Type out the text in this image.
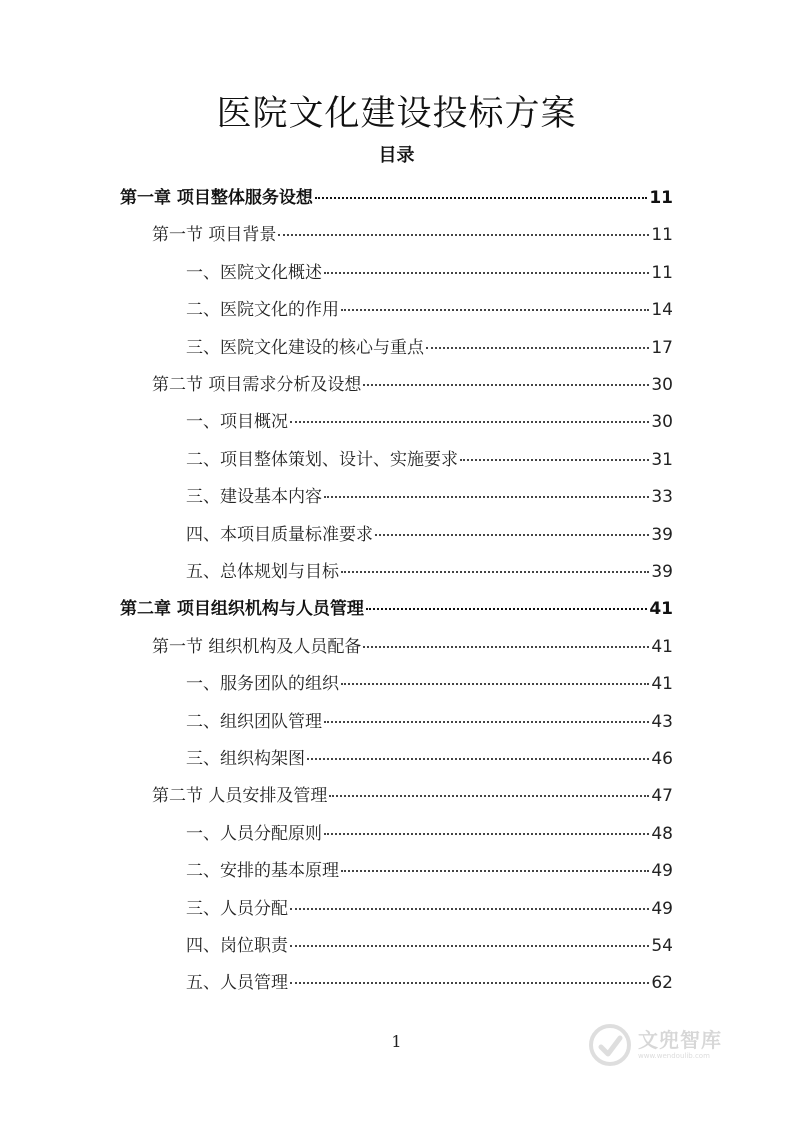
医院文化建设投标方案
目录
第一章 项目整体服务设想	11
第一节 项目背景	11
一、医院文化概述	11
二、医院文化的作用	14
三、医院文化建设的核心与重点	17
第二节 项目需求分析及设想	30
一、项目概况	30
二、项目整体策划、设计、实施要求	31
三、建设基本内容	33
四、本项目质量标准要求	39
五、总体规划与目标	39
第二章 项目组织机构与人员管理	41
第一节 组织机构及人员配备	41
一、服务团队的组织	41
二、组织团队管理	43
三、组织构架图	46
第二节 人员安排及管理	47
一、人员分配原则	48
二、安排的基本原理	49
三、人员分配	49
四、岗位职责	54
五、人员管理	62
1	文兜智库
www.wendoulib.com
